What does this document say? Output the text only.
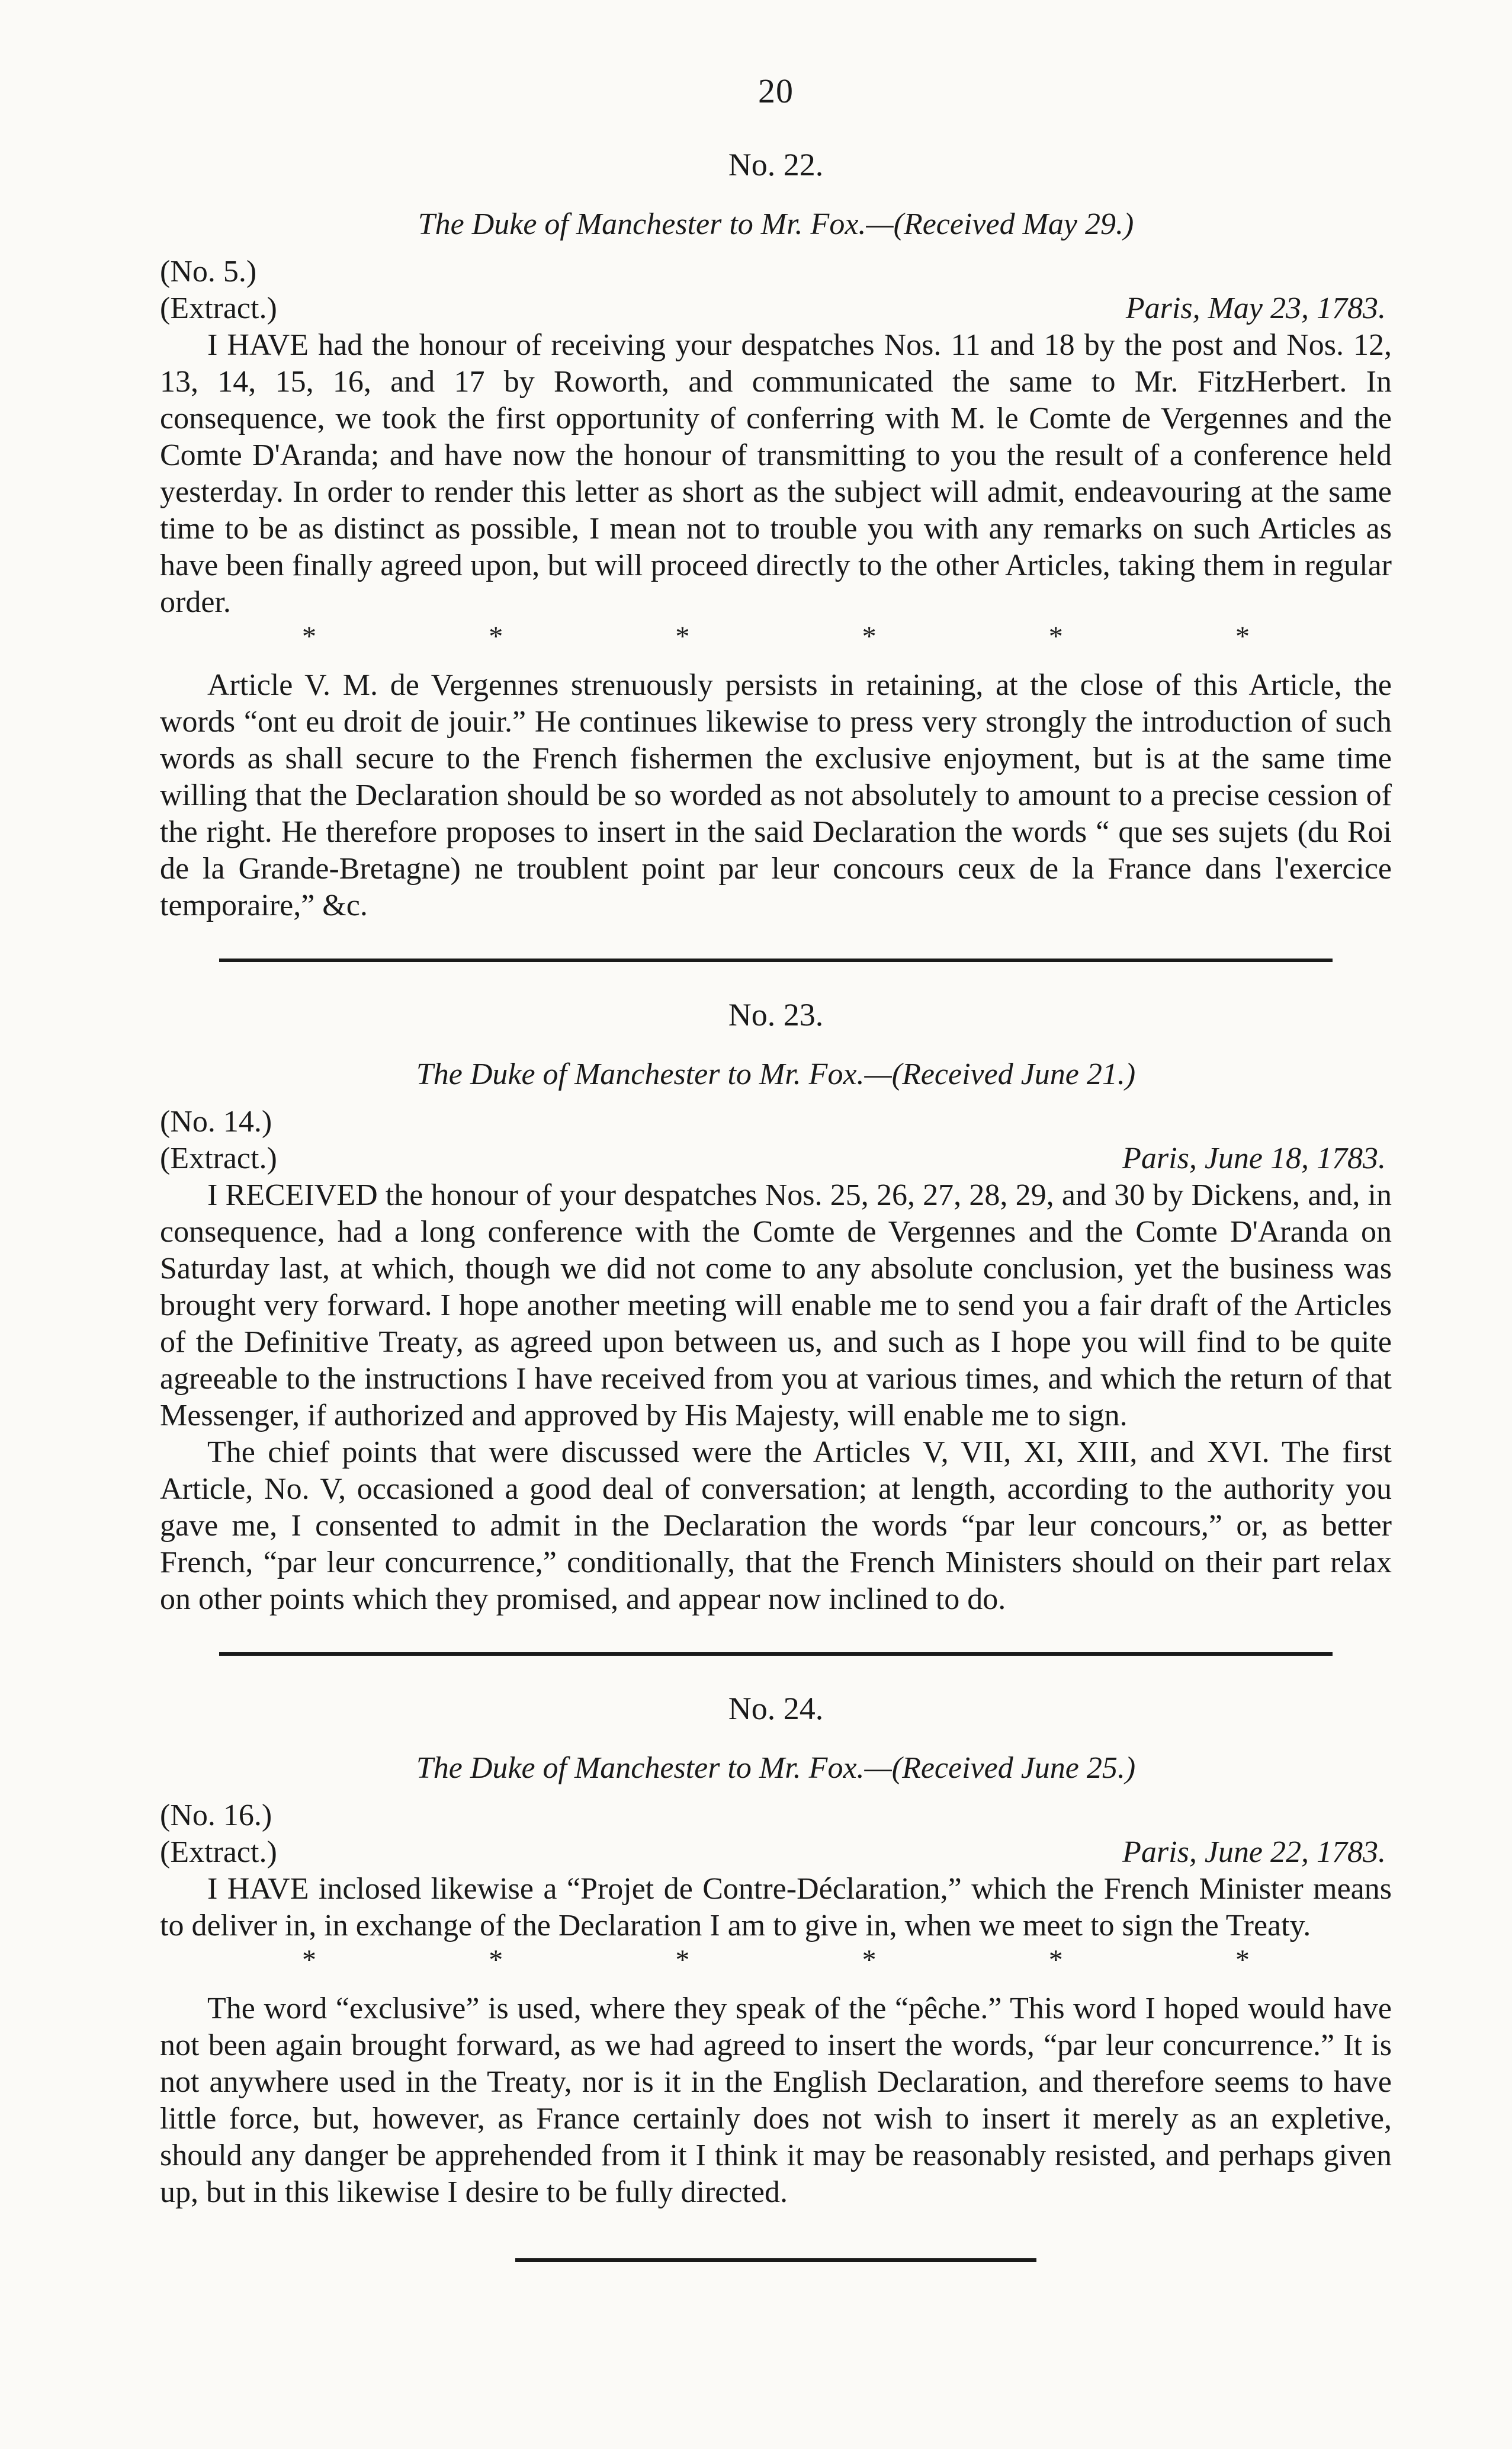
20
No. 22.
The Duke of Manchester to Mr. Fox.—(Received May 29.)
(No. 5.)
(Extract.)	Paris, May 23, 1783.

I HAVE had the honour of receiving your despatches Nos. 11 and 18 by the post and Nos. 12, 13, 14, 15, 16, and 17 by Roworth, and communicated the same to Mr. FitzHerbert. In consequence, we took the first opportunity of conferring with M. le Comte de Vergennes and the Comte D'Aranda; and have now the honour of transmitting to you the result of a conference held yesterday. In order to render this letter as short as the subject will admit, endeavouring at the same time to be as distinct as possible, I mean not to trouble you with any remarks on such Articles as have been finally agreed upon, but will proceed directly to the other Articles, taking them in regular order.

*	*	*	*	*	*

Article V. M. de Vergennes strenuously persists in retaining, at the close of this Article, the words “ont eu droit de jouir.” He continues likewise to press very strongly the introduction of such words as shall secure to the French fishermen the exclusive enjoyment, but is at the same time willing that the Declaration should be so worded as not absolutely to amount to a precise cession of the right. He therefore proposes to insert in the said Declaration the words “ que ses sujets (du Roi de la Grande-Bretagne) ne troublent point par leur concours ceux de la France dans l'exercice temporaire,” &c.

No. 23.
The Duke of Manchester to Mr. Fox.—(Received June 21.)
(No. 14.)
(Extract.)	Paris, June 18, 1783.

I RECEIVED the honour of your despatches Nos. 25, 26, 27, 28, 29, and 30 by Dickens, and, in consequence, had a long conference with the Comte de Vergennes and the Comte D'Aranda on Saturday last, at which, though we did not come to any absolute conclusion, yet the business was brought very forward. I hope another meeting will enable me to send you a fair draft of the Articles of the Definitive Treaty, as agreed upon between us, and such as I hope you will find to be quite agreeable to the instructions I have received from you at various times, and which the return of that Messenger, if authorized and approved by His Majesty, will enable me to sign.

The chief points that were discussed were the Articles V, VII, XI, XIII, and XVI. The first Article, No. V, occasioned a good deal of conversation; at length, according to the authority you gave me, I consented to admit in the Declaration the words “par leur concours,” or, as better French, “par leur concurrence,” conditionally, that the French Ministers should on their part relax on other points which they promised, and appear now inclined to do.

No. 24.
The Duke of Manchester to Mr. Fox.—(Received June 25.)
(No. 16.)
(Extract.)	Paris, June 22, 1783.

I HAVE inclosed likewise a “Projet de Contre-Déclaration,” which the French Minister means to deliver in, in exchange of the Declaration I am to give in, when we meet to sign the Treaty.

*	*	*	*	*	*

The word “exclusive” is used, where they speak of the “pêche.” This word I hoped would have not been again brought forward, as we had agreed to insert the words, “par leur concurrence.” It is not anywhere used in the Treaty, nor is it in the English Declaration, and therefore seems to have little force, but, however, as France certainly does not wish to insert it merely as an expletive, should any danger be apprehended from it I think it may be reasonably resisted, and perhaps given up, but in this likewise I desire to be fully directed.
